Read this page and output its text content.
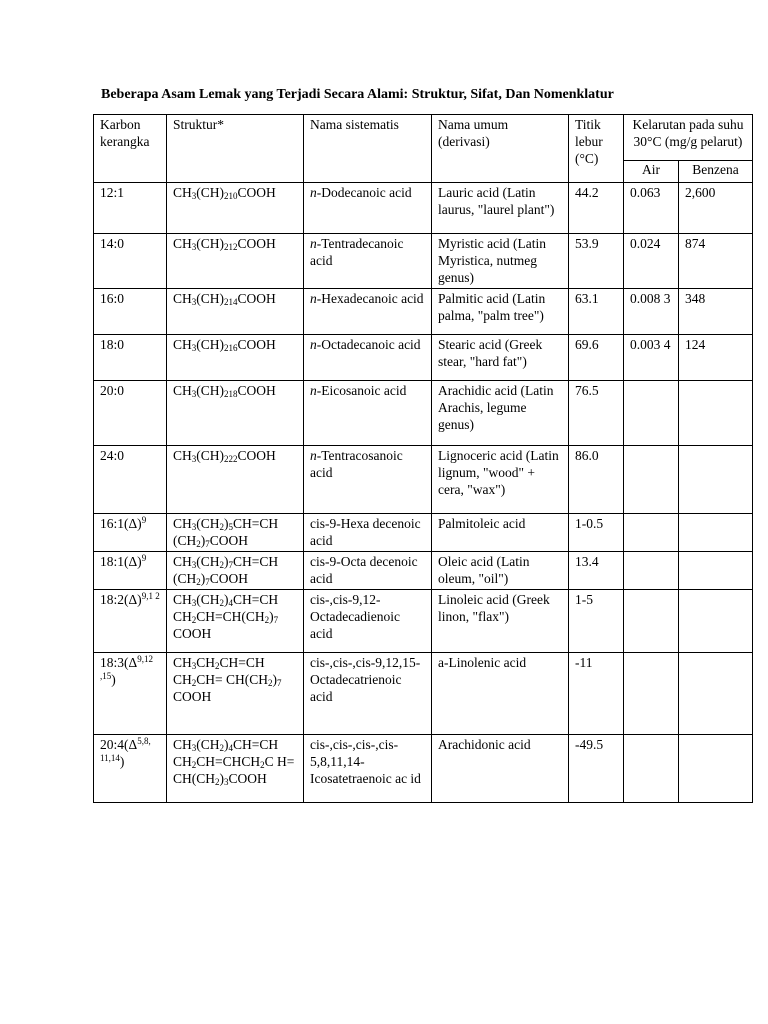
Beberapa Asam Lemak yang Terjadi Secara Alami: Struktur, Sifat, Dan Nomenklatur
Karbon kerangka	Struktur*	Nama sistematis	Nama umum (derivasi)	Titik lebur (°C)	Kelarutan pada suhu 30°C (mg/g pelarut)	
					Air	Benzena
12:1	$CH_3(CH)_{210}COOH$	n-Dodecanoic acid	Lauric acid (Latin laurus, "laurel plant")	44.2	0.063	2,600
14:0	$CH_3(CH)_{212}COOH$	n-Tentradecanoic acid	Myristic acid (Latin Myristica, nutmeg genus)	53.9	0.024	874
16:0	$CH_3(CH)_{214}COOH$	n-Hexadecanoic acid	Palmitic acid (Latin palma, "palm tree")	63.1	0.008 3	348
18:0	$CH_3(CH)_{216}COOH$	n-Octadecanoic acid	Stearic acid (Greek stear, "hard fat")	69.6	0.003 4	124
20:0	$CH_3(CH)_{218}COOH$	n-Eicosanoic acid	Arachidic acid (Latin Arachis, legume genus)	76.5		
24:0	$CH_3(CH)_{222}COOH$	n-Tentracosanoic acid	Lignoceric acid (Latin lignum, "wood" + cera, "wax")	86.0		
$16:1(\Delta)^9$	$CH_3(CH_2)_5CH=CH$ $(CH_2)_7COOH$	cis-9-Hexa decenoic acid	Palmitoleic acid	1-0.5		
$18:1(\Delta)^9$	$CH_3(CH_2)_7CH=CH$ $(CH_2)_7COOH$	cis-9-Octa decenoic acid	Oleic acid (Latin oleum, "oil")	13.4		
$18:2(\Delta)^{9,1 2}$	$CH_3(CH_2)_4CH=CH$ $CH_2CH=CH(CH_2)_7$ COOH	cis-,cis-9,12-Octadecadienoic acid	Linoleic acid (Greek linon, "flax")	1-5		
$18:3(\Delta^{9,12 ,15})$	$CH_3CH_2CH=CH$ $CH_2CH= CH(CH_2)_7$ COOH	cis-,cis-,cis-9,12,15-Octadecatrienoic acid	a-Linolenic acid	-11		
$20:4(\Delta^{5,8, 11,14})$	$CH_3(CH_2)_4CH=CH$ $CH_2CH=CHCH_2C$ $H= CH(CH_2)_3COOH$	cis-,cis-,cis-,cis-5,8,11,14-Icosatetraenoic ac id	Arachidonic acid	-49.5		
